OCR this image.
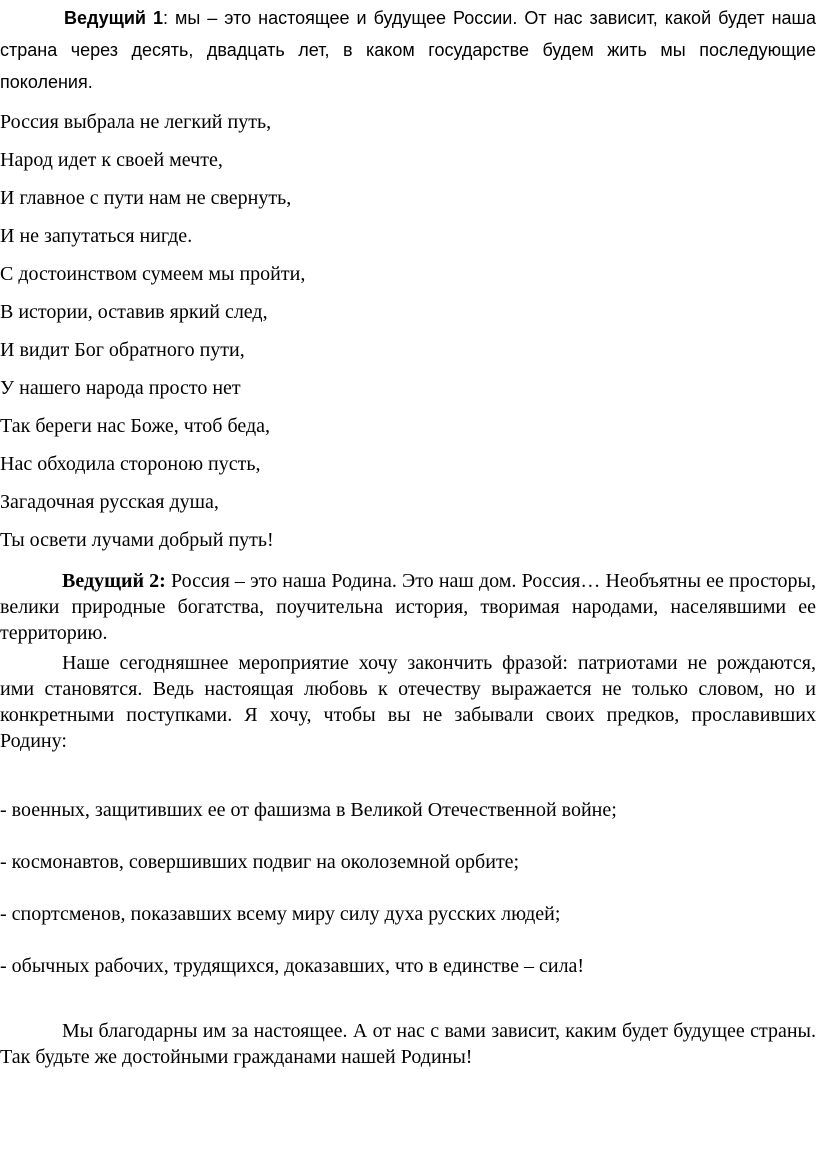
Ведущий 1: мы – это настоящее и будущее России. От нас зависит, какой будет наша страна через десять, двадцать лет, в каком государстве будем жить мы последующие поколения.

Россия выбрала не легкий путь,
Народ идет к своей мечте,
И главное с пути нам не свернуть,
И не запутаться нигде.
С достоинством сумеем мы пройти,
В истории, оставив яркий след,
И видит Бог обратного пути,
У нашего народа просто нет
Так береги нас Боже, чтоб беда,
Нас обходила стороною пусть,
Загадочная русская душа,
Ты освети лучами добрый путь!

Ведущий 2: Россия – это наша Родина. Это наш дом. Россия… Необъятны ее просторы, велики природные богатства, поучительна история, творимая народами, населявшими ее территорию.

Наше сегодняшнее мероприятие хочу закончить фразой: патриотами не рождаются, ими становятся. Ведь настоящая любовь к отечеству выражается не только словом, но и конкретными поступками. Я хочу, чтобы вы не забывали своих предков, прославивших Родину:

- военных, защитивших ее от фашизма в Великой Отечественной войне;
- космонавтов, совершивших подвиг на околоземной орбите;
- спортсменов, показавших всему миру силу духа русских людей;
- обычных рабочих, трудящихся, доказавших, что в единстве – сила!

Мы благодарны им за настоящее. А от нас с вами зависит, каким будет будущее страны. Так будьте же достойными гражданами нашей Родины!
